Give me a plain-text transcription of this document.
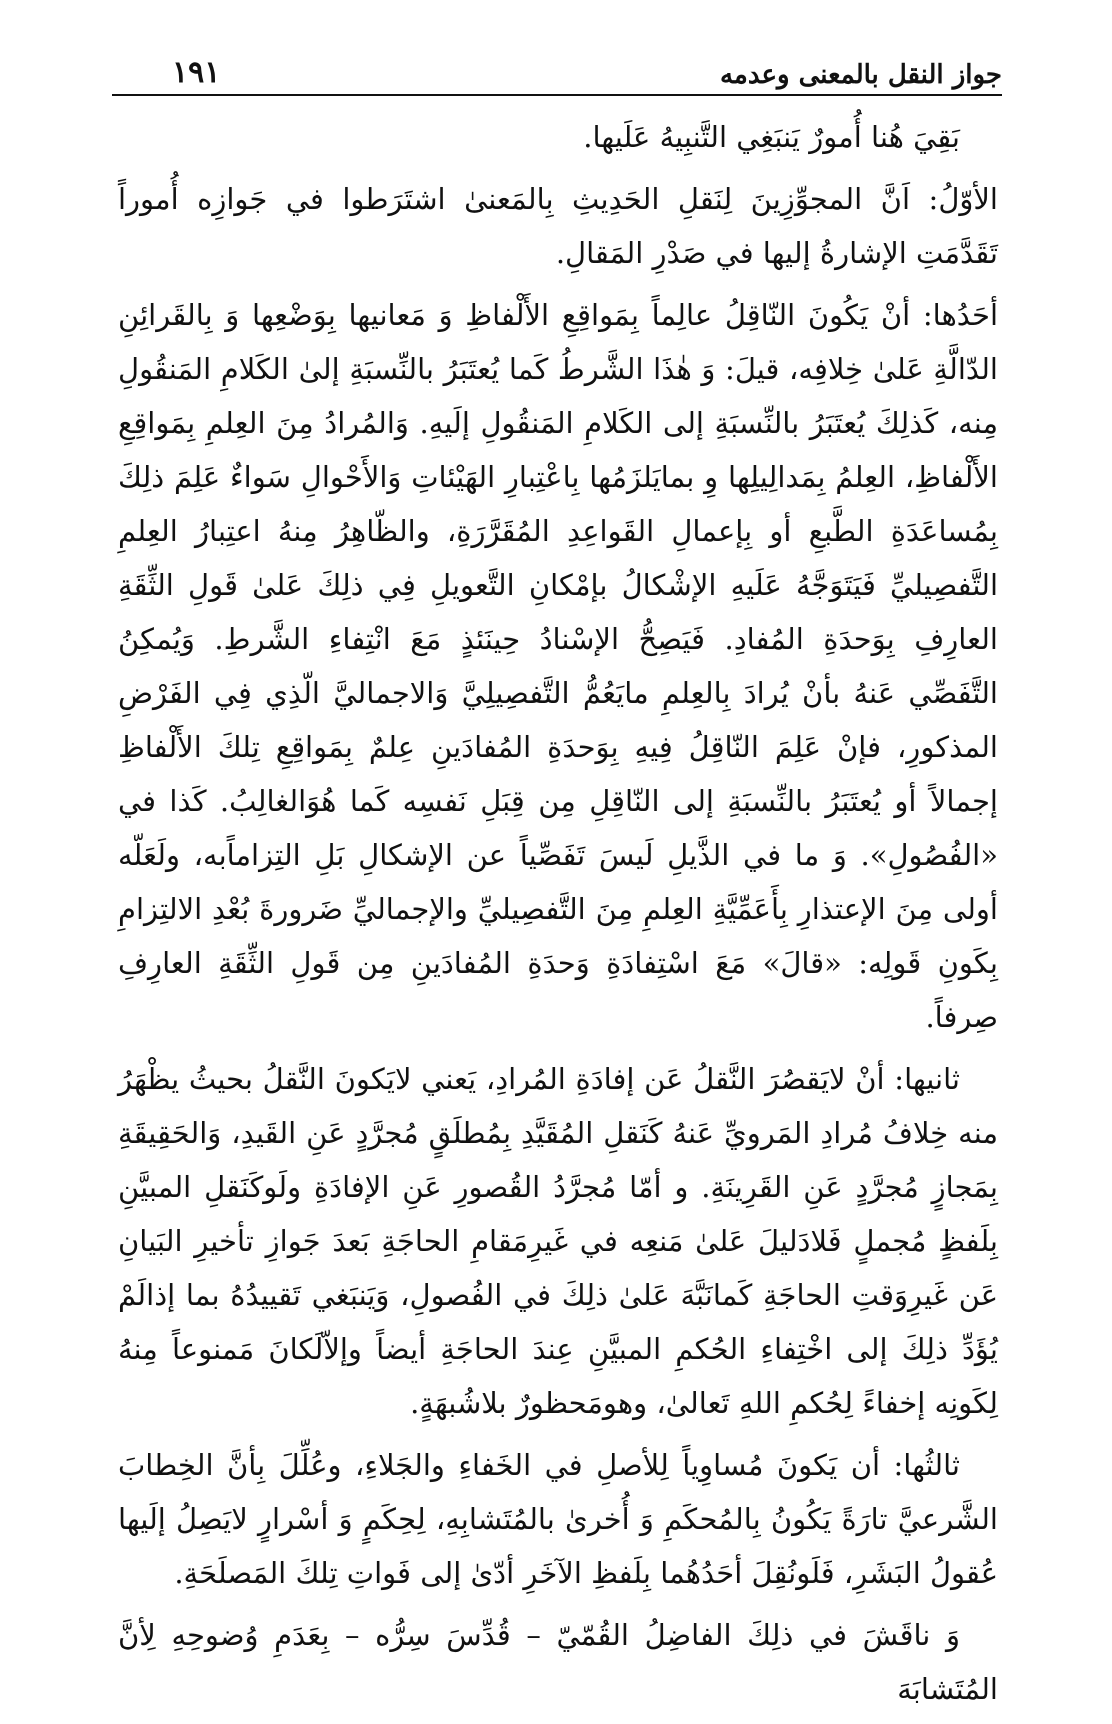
جواز النقل بالمعنى وعدمه
١٩١

بَقِيَ هُنا أُمورٌ يَنبَغِي التَّنبِيهُ عَلَيها.

الأوّلُ: اَنَّ المجوِّزِينَ لِنَقلِ الحَدِيثِ بِالمَعنىٰ اشتَرَطوا في جَوازِه أُموراً تَقَدَّمَتِ الإشارةُ إليها في صَدْرِ المَقالِ.

أحَدُها: أنْ يَكُونَ النّاقِلُ عالِماً بِمَواقِعِ الأَلْفاظِ وَ مَعانيها بِوَضْعِها وَ بِالقَرائِنِ الدّالَّةِ عَلىٰ خِلافِه، قيلَ: وَ هٰذَا الشَّرطُ كَما يُعتَبَرُ بالنِّسبَةِ إلىٰ الكَلامِ المَنقُولِ مِنه، كَذلِكَ يُعتَبَرُ بالنِّسبَةِ إلى الكَلامِ المَنقُولِ إلَيهِ. وَالمُرادُ مِنَ العِلمِ بِمَواقِعِ الأَلْفاظِ، العِلمُ بِمَدالِيلِها وِ بمايَلزَمُها بِاعْتِبارِ الهَيْئاتِ وَالأَحْوالِ سَواءٌ عَلِمَ ذلِكَ بِمُساعَدَةِ الطَّبعِ أو بِإعمالِ القَواعِدِ المُقَرَّرَةِ، والظّاهِرُ مِنهُ اعتِبارُ العِلمِ التَّفصِيليِّ فَيَتَوَجَّهُ عَلَيهِ الإشْكالُ بإمْكانِ التَّعويلِ فِي ذلِكَ عَلىٰ قَولِ الثِّقَةِ العارِفِ بِوَحدَةِ المُفادِ. فَيَصِحُّ الإسْنادُ حِينَئذٍ مَعَ انْتِفاءِ الشَّرطِ. وَيُمكِنُ التَّفَصِّي عَنهُ بأنْ يُرادَ بِالعِلمِ مايَعُمُّ التَّفصِيلِيَّ وَالاجماليَّ الّذِي فِي الفَرْضِ المذكورِ، فإنْ عَلِمَ النّاقِلُ فِيهِ بِوَحدَةِ المُفادَينِ عِلمٌ بِمَواقِعِ تِلكَ الأَلْفاظِ إجمالاً أو يُعتَبَرُ بالنِّسبَةِ إلى النّاقِلِ مِن قِبَلِ نَفسِه كَما هُوَالغالِبُ. كَذا في «الفُصُولِ». وَ ما في الذَّيلِ لَيسَ تَفَصِّياً عن الإشكالِ بَلِ التِزاماًبه، ولَعَلّه أولى مِنَ الإعتذارِ بِأَعَمِّيَّةِ العِلمِ مِنَ التَّفصِيليِّ والإجماليِّ ضَرورةَ بُعْدِ الالتِزامِ بِكَونِ قَولِه: «قالَ» مَعَ اسْتِفادَةِ وَحدَةِ المُفادَينِ مِن قَولِ الثِّقَةِ العارِفِ صِرفاً.

ثانيها: أنْ لايَقصُرَ النَّقلُ عَن إفادَةِ المُرادِ، يَعني لايَكونَ النَّقلُ بحيثُ يظْهَرُ منه خِلافُ مُرادِ المَرويِّ عَنهُ كَنَقلِ المُقَيَّدِ بِمُطلَقٍ مُجرَّدٍ عَنِ القَيدِ، وَالحَقِيقَةِ بِمَجازٍ مُجرَّدٍ عَنِ القَرِينَةِ. و أمّا مُجرَّدُ القُصورِ عَنِ الإفادَةِ ولَوكَنَقلِ المبيَّنِ بِلَفظٍ مُجملٍ فَلادَليلَ عَلىٰ مَنعِه في غَيرِمَقامِ الحاجَةِ بَعدَ جَوازِ تأخيرِ البَيانِ عَن غَيرِوَقتِ الحاجَةِ كَمانَبَّهَ عَلىٰ ذلِكَ في الفُصولِ، وَيَنبَغي تَقييدُهُ بما إذالَمْ يُؤَدِّ ذلِكَ إلى اخْتِفاءِ الحُكمِ المبيَّنِ عِندَ الحاجَةِ أيضاً وإلاّلَكانَ مَمنوعاً مِنهُ لِكَونِه إخفاءً لِحُكمِ اللهِ تَعالىٰ، وهومَحظورٌ بلاشُبهَةٍ.

ثالثُها: أن يَكونَ مُساوِياً لِلأصلِ في الخَفاءِ والجَلاءِ، وعُلِّلَ بِأنَّ الخِطابَ الشَّرعيَّ تارَةً يَكُونُ بِالمُحكَمِ وَ أُخرىٰ بالمُتَشابِهِ، لِحِكَمٍ وَ أسْرارٍ لايَصِلُ إلَيها عُقولُ البَشَرِ، فَلَونُقِلَ أحَدُهُما بِلَفظِ الآخَرِ أدّىٰ إلى فَواتِ تِلكَ المَصلَحَةِ.

وَ ناقَشَ في ذلِكَ الفاضِلُ القُمّيّ – قُدِّسَ سِرُّه – بِعَدَمِ وُضوحِهِ لِأنَّ المُتَشابَهَ
